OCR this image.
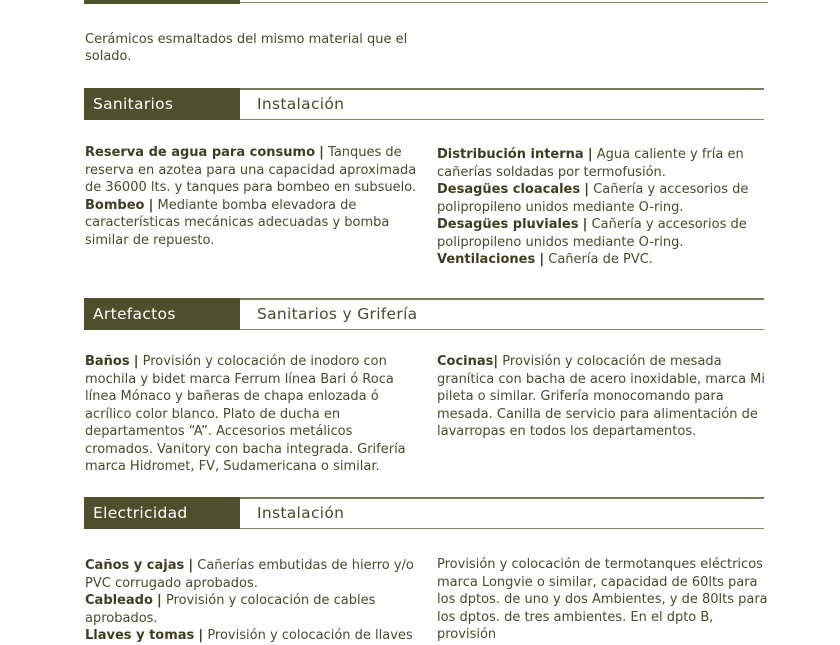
Cerámicos esmaltados del mismo material que el solado.
Sanitarios	Instalación

Reserva de agua para consumo | Tanques de reserva en azotea para una capacidad aproximada de 36000 lts. y tanques para bombeo en subsuelo.

Bombeo | Mediante bomba elevadora de características mecánicas adecuadas y bomba similar de repuesto.

Distribución interna | Agua caliente y fría en cañerías soldadas por termofusión.

Desagües cloacales | Cañería y accesorios de polipropileno unidos mediante O-ring.

Desagües pluviales | Cañería y accesorios de polipropileno unidos mediante O-ring.

Ventilaciones | Cañería de PVC.

Artefactos	Sanitarios y Grifería

Baños | Provisión y colocación de inodoro con mochila y bidet marca Ferrum línea Bari ó Roca línea Mónaco y bañeras de chapa enlozada ó acrílico color blanco. Plato de ducha en departamentos “A”. Accesorios metálicos cromados. Vanitory con bacha integrada. Grifería marca Hidromet, FV, Sudamericana o similar.

Cocinas| Provisión y colocación de mesada granítica con bacha de acero inoxidable, marca Mi pileta o similar. Grifería monocomando para mesada. Canilla de servicio para alimentación de lavarropas en todos los departamentos.

Electricidad	Instalación

Caños y cajas | Cañerías embutidas de hierro y/o PVC corrugado aprobados.

Cableado | Provisión y colocación de cables aprobados.

Llaves y tomas | Provisión y colocación de llaves

Provisión y colocación de termotanques eléctricos marca Longvie o similar, capacidad de 60lts para los dptos. de uno y dos Ambientes, y de 80lts para los dptos. de tres ambientes. En el dpto B, provisión
